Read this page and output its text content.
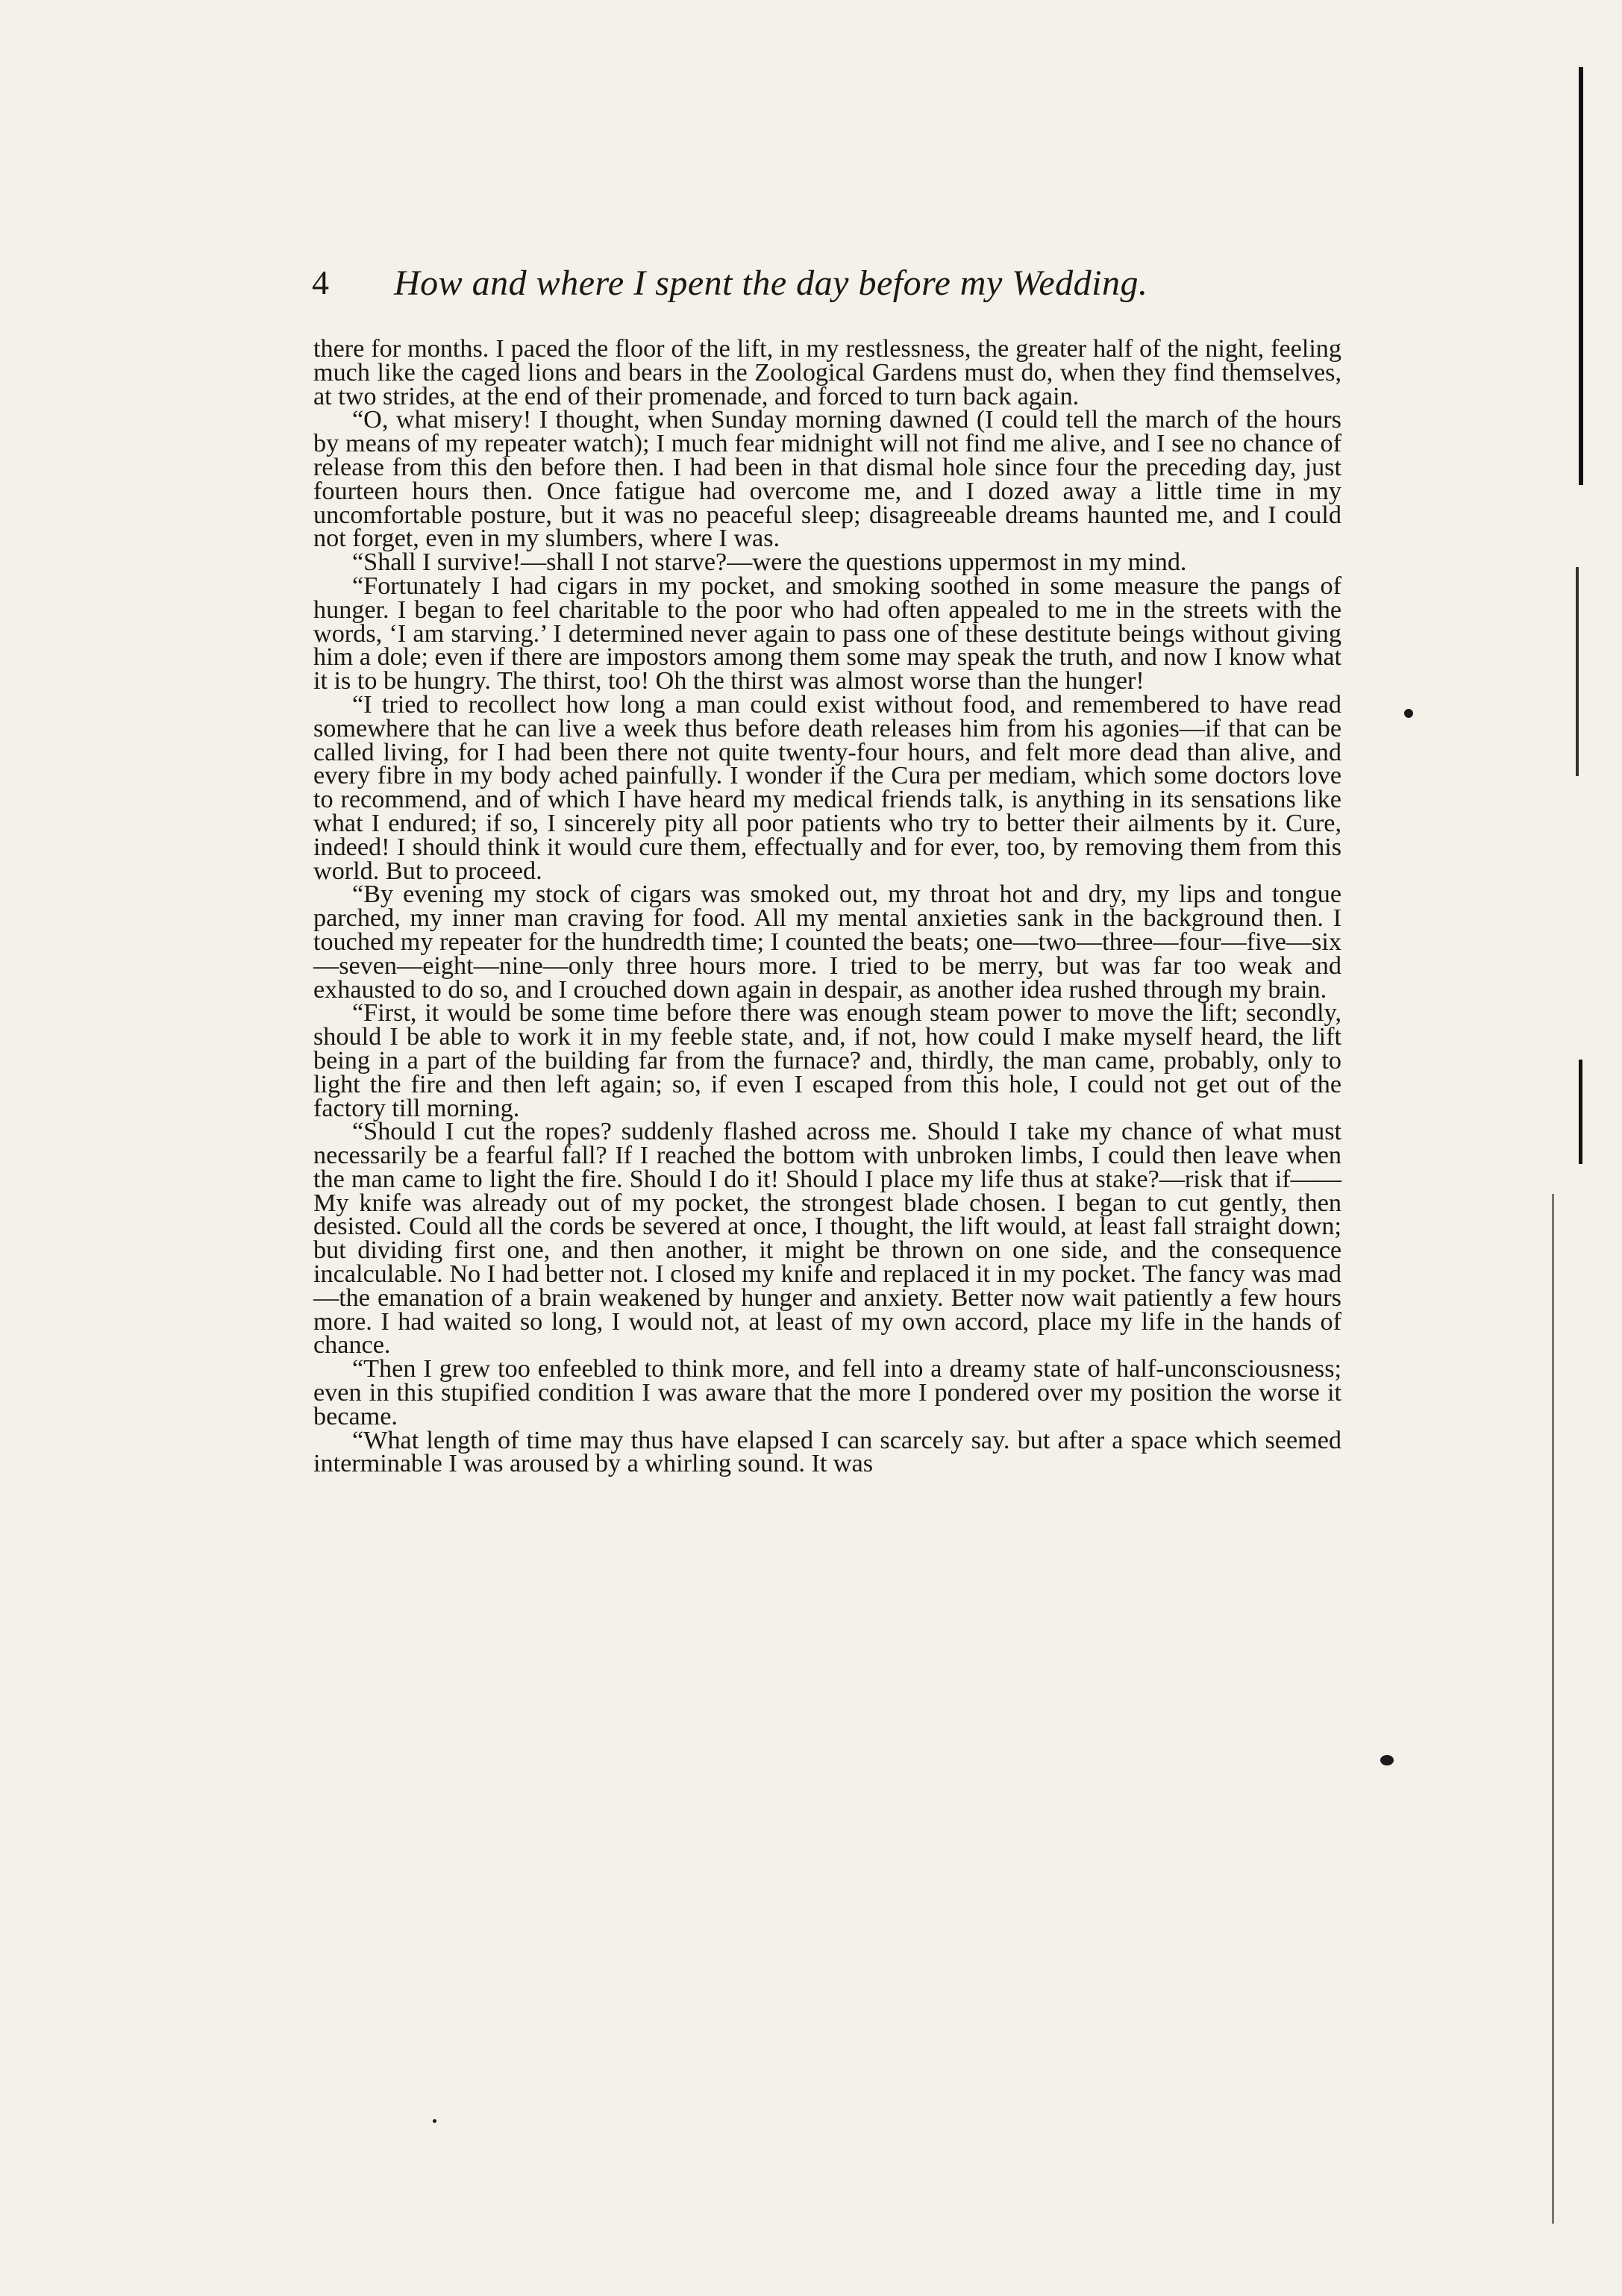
4 How and where I spent the day before my Wedding.

there for months. I paced the floor of the lift, in my restlessness, the greater half of the night, feeling much like the caged lions and bears in the Zoological Gardens must do, when they find themselves, at two strides, at the end of their promenade, and forced to turn back again.

“O, what misery! I thought, when Sunday morning dawned (I could tell the march of the hours by means of my repeater watch); I much fear midnight will not find me alive, and I see no chance of release from this den before then. I had been in that dismal hole since four the preceding day, just fourteen hours then. Once fatigue had overcome me, and I dozed away a little time in my uncomfortable posture, but it was no peaceful sleep; disagreeable dreams haunted me, and I could not forget, even in my slumbers, where I was.

“Shall I survive!—shall I not starve?—were the questions uppermost in my mind.

“Fortunately I had cigars in my pocket, and smoking soothed in some measure the pangs of hunger. I began to feel charitable to the poor who had often appealed to me in the streets with the words, ‘I am starving.’ I determined never again to pass one of these destitute beings without giving him a dole; even if there are impostors among them some may speak the truth, and now I know what it is to be hungry. The thirst, too! Oh the thirst was almost worse than the hunger!

“I tried to recollect how long a man could exist without food, and remembered to have read somewhere that he can live a week thus before death releases him from his agonies—if that can be called living, for I had been there not quite twenty-four hours, and felt more dead than alive, and every fibre in my body ached painfully. I wonder if the Cura per mediam, which some doctors love to recommend, and of which I have heard my medical friends talk, is anything in its sensations like what I endured; if so, I sincerely pity all poor patients who try to better their ailments by it. Cure, indeed! I should think it would cure them, effectually and for ever, too, by removing them from this world. But to proceed.

“By evening my stock of cigars was smoked out, my throat hot and dry, my lips and tongue parched, my inner man craving for food. All my mental anxieties sank in the background then. I touched my repeater for the hundredth time; I counted the beats; one—two—three—four—five—six—seven—eight—nine—only three hours more. I tried to be merry, but was far too weak and exhausted to do so, and I crouched down again in despair, as another idea rushed through my brain.

“First, it would be some time before there was enough steam power to move the lift; secondly, should I be able to work it in my feeble state, and, if not, how could I make myself heard, the lift being in a part of the building far from the furnace? and, thirdly, the man came, probably, only to light the fire and then left again; so, if even I escaped from this hole, I could not get out of the factory till morning.

“Should I cut the ropes? suddenly flashed across me. Should I take my chance of what must necessarily be a fearful fall? If I reached the bottom with unbroken limbs, I could then leave when the man came to light the fire. Should I do it! Should I place my life thus at stake?—risk that if—— My knife was already out of my pocket, the strongest blade chosen. I began to cut gently, then desisted. Could all the cords be severed at once, I thought, the lift would, at least fall straight down; but dividing first one, and then another, it might be thrown on one side, and the consequence incalculable. No I had better not. I closed my knife and replaced it in my pocket. The fancy was mad—the emanation of a brain weakened by hunger and anxiety. Better now wait patiently a few hours more. I had waited so long, I would not, at least of my own accord, place my life in the hands of chance.

“Then I grew too enfeebled to think more, and fell into a dreamy state of half-unconsciousness; even in this stupified condition I was aware that the more I pondered over my position the worse it became.

“What length of time may thus have elapsed I can scarcely say. but after a space which seemed interminable I was aroused by a whirling sound. It was
